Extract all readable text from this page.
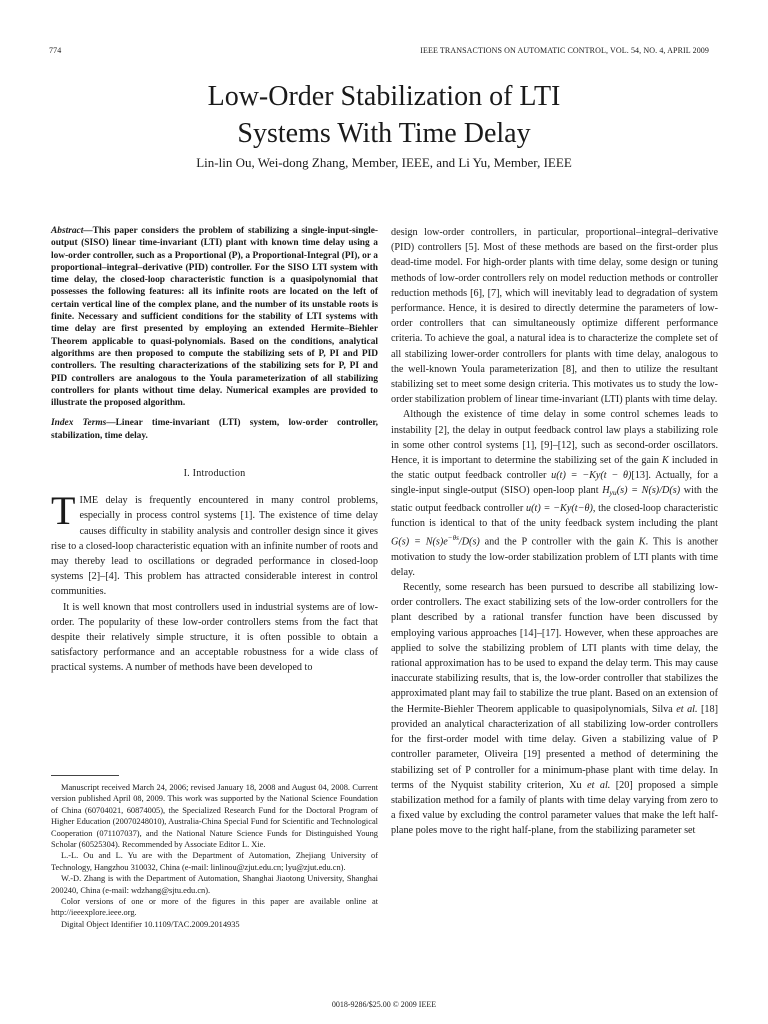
774	IEEE TRANSACTIONS ON AUTOMATIC CONTROL, VOL. 54, NO. 4, APRIL 2009
Low-Order Stabilization of LTI
Systems With Time Delay
Lin-lin Ou, Wei-dong Zhang, Member, IEEE, and Li Yu, Member, IEEE

Abstract—This paper considers the problem of stabilizing a single-input-single-output (SISO) linear time-invariant (LTI) plant with known time delay using a low-order controller, such as a Proportional (P), a Proportional-Integral (PI), or a proportional–integral–derivative (PID) controller. For the SISO LTI system with time delay, the closed-loop characteristic function is a quasipolynomial that possesses the following features: all its infinite roots are located on the left of certain vertical line of the complex plane, and the number of its unstable roots is finite. Necessary and sufficient conditions for the stability of LTI systems with time delay are first presented by employing an extended Hermite–Biehler Theorem applicable to quasi-polynomials. Based on the conditions, analytical algorithms are then proposed to compute the stabilizing sets of P, PI and PID controllers. The resulting characterizations of the stabilizing sets for P, PI and PID controllers are analogous to the Youla parameterization of all stabilizing controllers for plants without time delay. Numerical examples are provided to illustrate the proposed algorithm.

Index Terms—Linear time-invariant (LTI) system, low-order controller, stabilization, time delay.

I. Introduction

TIME delay is frequently encountered in many control problems, especially in process control systems [1]. The existence of time delay causes difficulty in stability analysis and controller design since it gives rise to a closed-loop characteristic equation with an infinite number of roots and may thereby lead to oscillations or degraded performance in closed-loop systems [2]–[4]. This problem has attracted considerable interest in control communities.

It is well known that most controllers used in industrial systems are of low-order. The popularity of these low-order controllers stems from the fact that despite their relatively simple structure, it is often possible to obtain a satisfactory performance and an acceptable robustness for a wide class of practical systems. A number of methods have been developed to

Manuscript received March 24, 2006; revised January 18, 2008 and August 04, 2008. Current version published April 08, 2009. This work was supported by the National Science Foundation of China (60704021, 60874005), the Specialized Research Fund for the Doctoral Program of Higher Education (20070248010), Australia-China Special Fund for Scientific and Technological Cooperation (071107037), and the National Nature Science Funds for Distinguished Young Scholar (60525304). Recommended by Associate Editor L. Xie.

L.-L. Ou and L. Yu are with the Department of Automation, Zhejiang University of Technology, Hangzhou 310032, China (e-mail: linlinou@zjut.edu.cn; lyu@zjut.edu.cn).

W.-D. Zhang is with the Department of Automation, Shanghai Jiaotong University, Shanghai 200240, China (e-mail: wdzhang@sjtu.edu.cn).

Color versions of one or more of the figures in this paper are available online at http://ieeexplore.ieee.org.

Digital Object Identifier 10.1109/TAC.2009.2014935

design low-order controllers, in particular, proportional–integral–derivative (PID) controllers [5]. Most of these methods are based on the first-order plus dead-time model. For high-order plants with time delay, some design or tuning methods of low-order controllers rely on model reduction methods or controller reduction methods [6], [7], which will inevitably lead to degradation of system performance. Hence, it is desired to directly determine the parameters of low-order controllers that can simultaneously optimize different performance criteria. To achieve the goal, a natural idea is to characterize the complete set of all stabilizing lower-order controllers for plants with time delay, analogous to the well-known Youla parameterization [8], and then to utilize the resultant stabilizing set to meet some design criteria. This motivates us to study the low-order stabilization problem of linear time-invariant (LTI) plants with time delay.

Although the existence of time delay in some control schemes leads to instability [2], the delay in output feedback control law plays a stabilizing role in some other control systems [1], [9]–[12], such as second-order oscillators. Hence, it is important to determine the stabilizing set of the gain K included in the static output feedback controller u(t) = −Ky(t − θ)[13]. Actually, for a single-input single-output (SISO) open-loop plant $H_{yu}(s) = N(s)/D(s)$ with the static output feedback controller u(t) = −Ky(t−θ), the closed-loop characteristic function is identical to that of the unity feedback system including the plant $G(s) = N(s)e^{-\theta s}/D(s)$ and the P controller with the gain K. This is another motivation to study the low-order stabilization problem of LTI plants with time delay.

Recently, some research has been pursued to describe all stabilizing low-order controllers. The exact stabilizing sets of the low-order controllers for the plant described by a rational transfer function have been discussed by employing various approaches [14]–[17]. However, when these approaches are applied to solve the stabilizing problem of LTI plants with time delay, the rational approximation has to be used to expand the delay term. This may cause inaccurate stabilizing results, that is, the low-order controller that stabilizes the approximated plant may fail to stabilize the true plant. Based on an extension of the Hermite-Biehler Theorem applicable to quasipolynomials, Silva et al. [18] provided an analytical characterization of all stabilizing low-order controllers for the first-order model with time delay. Given a stabilizing value of P controller parameter, Oliveira [19] presented a method of determining the stabilizing set of P controller for a minimum-phase plant with time delay. In terms of the Nyquist stability criterion, Xu et al. [20] proposed a simple stabilization method for a family of plants with time delay varying from zero to a fixed value by excluding the control parameter values that make the left half-plane poles move to the right half-plane, from the stabilizing parameter set

0018-9286/$25.00 © 2009 IEEE
